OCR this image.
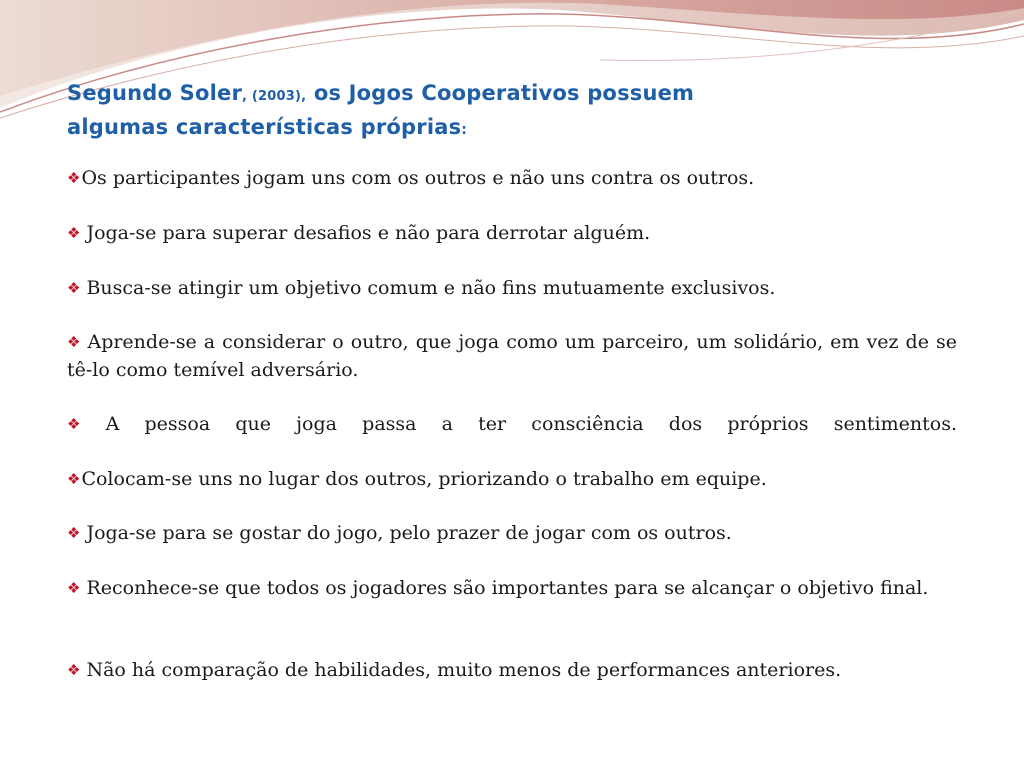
Segundo Soler, (2003), os Jogos Cooperativos possuem
algumas características próprias:
❖Os participantes jogam uns com os outros e não uns contra os outros.
❖ Joga-se para superar desafios e não para derrotar alguém.
❖ Busca-se atingir um objetivo comum e não fins mutuamente exclusivos.
❖ Aprende-se a considerar o outro, que joga como um parceiro, um solidário, em vez de se tê-lo como temível adversário.
❖ A pessoa que joga passa a ter consciência dos próprios sentimentos.
❖Colocam-se uns no lugar dos outros, priorizando o trabalho em equipe.
❖ Joga-se para se gostar do jogo, pelo prazer de jogar com os outros.
❖ Reconhece-se que todos os jogadores são importantes para se alcançar o objetivo final.
❖ Não há comparação de habilidades, muito menos de performances anteriores.
